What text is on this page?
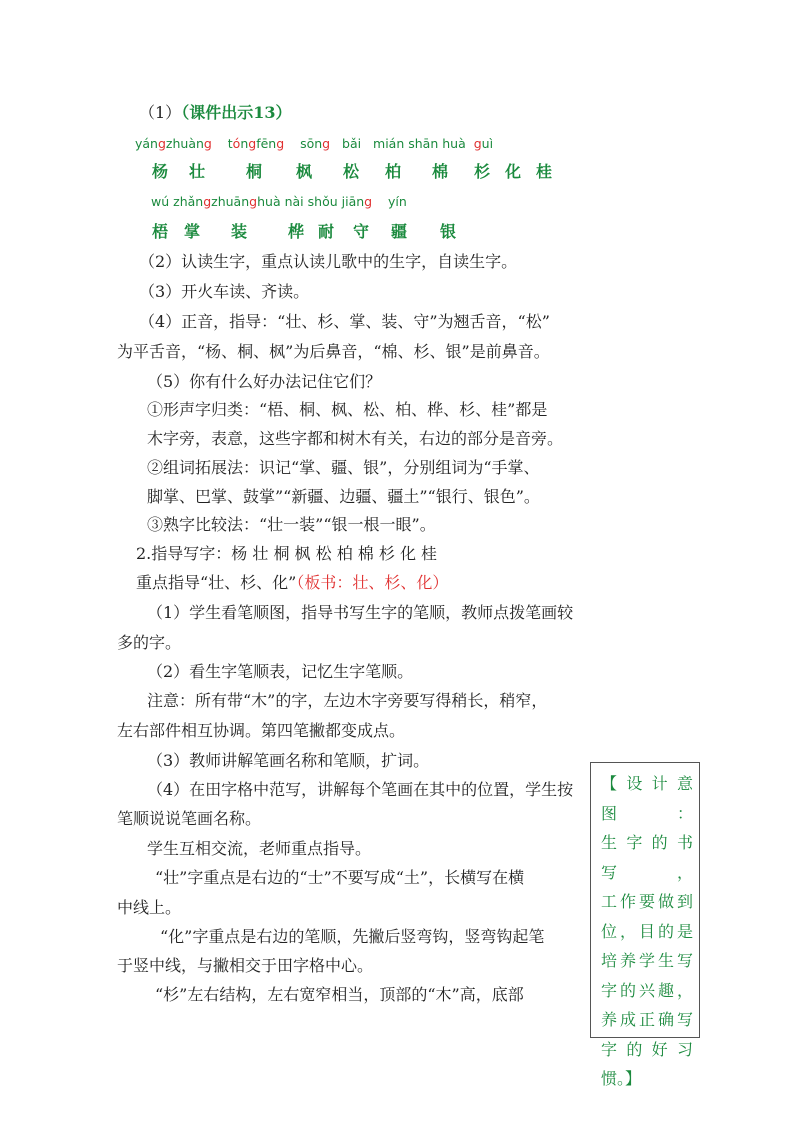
（1）（课件出示13）
yángzhuàng tóngfēng sōng bǎi mián shān huà guì
杨 壮	桐 枫 松 柏 棉 杉 化 桂
wú zhǎngzhuānghuà nài shǒu jiāng yín
梧 掌 装	桦 耐 守 疆 银
（2）认读生字，重点认读儿歌中的生字，自读生字。
（3）开火车读、齐读。
（4）正音，指导：“壮、杉、掌、装、守”为翘舌音，“松”
为平舌音，“杨、桐、枫”为后鼻音，“棉、杉、银”是前鼻音。
（5）你有什么好办法记住它们？
①形声字归类：“梧、桐、枫、松、柏、桦、杉、桂”都是
木字旁，表意，这些字都和树木有关，右边的部分是音旁。
②组词拓展法：识记“掌、疆、银”，分别组词为“手掌、
脚掌、巴掌、鼓掌”“新疆、边疆、疆土”“银行、银色”。
③熟字比较法：“壮一装”“银一根一眼”。
2.指导写字：杨 壮 桐 枫 松 柏 棉 杉 化 桂
重点指导“壮、杉、化”（板书：壮、杉、化）
（1）学生看笔顺图，指导书写生字的笔顺，教师点拨笔画较
多的字。
（2）看生字笔顺表，记忆生字笔顺。
注意：所有带“木”的字，左边木字旁要写得稍长，稍窄，
左右部件相互协调。第四笔撇都变成点。
（3）教师讲解笔画名称和笔顺，扩词。
（4）在田字格中范写，讲解每个笔画在其中的位置，学生按
笔顺说说笔画名称。
学生互相交流，老师重点指导。
“壮”字重点是右边的“士”不要写成“土”，长横写在横
中线上。
“化”字重点是右边的笔顺，先撇后竖弯钩，竖弯钩起笔
于竖中线，与撇相交于田字格中心。
“杉”左右结构，左右宽窄相当，顶部的“木”高，底部

【设计意图：

生字的书写，

工作要做到

位，目的是

培养学生写

字的兴趣，

养成正确写

字 的 好 习

惯。】
